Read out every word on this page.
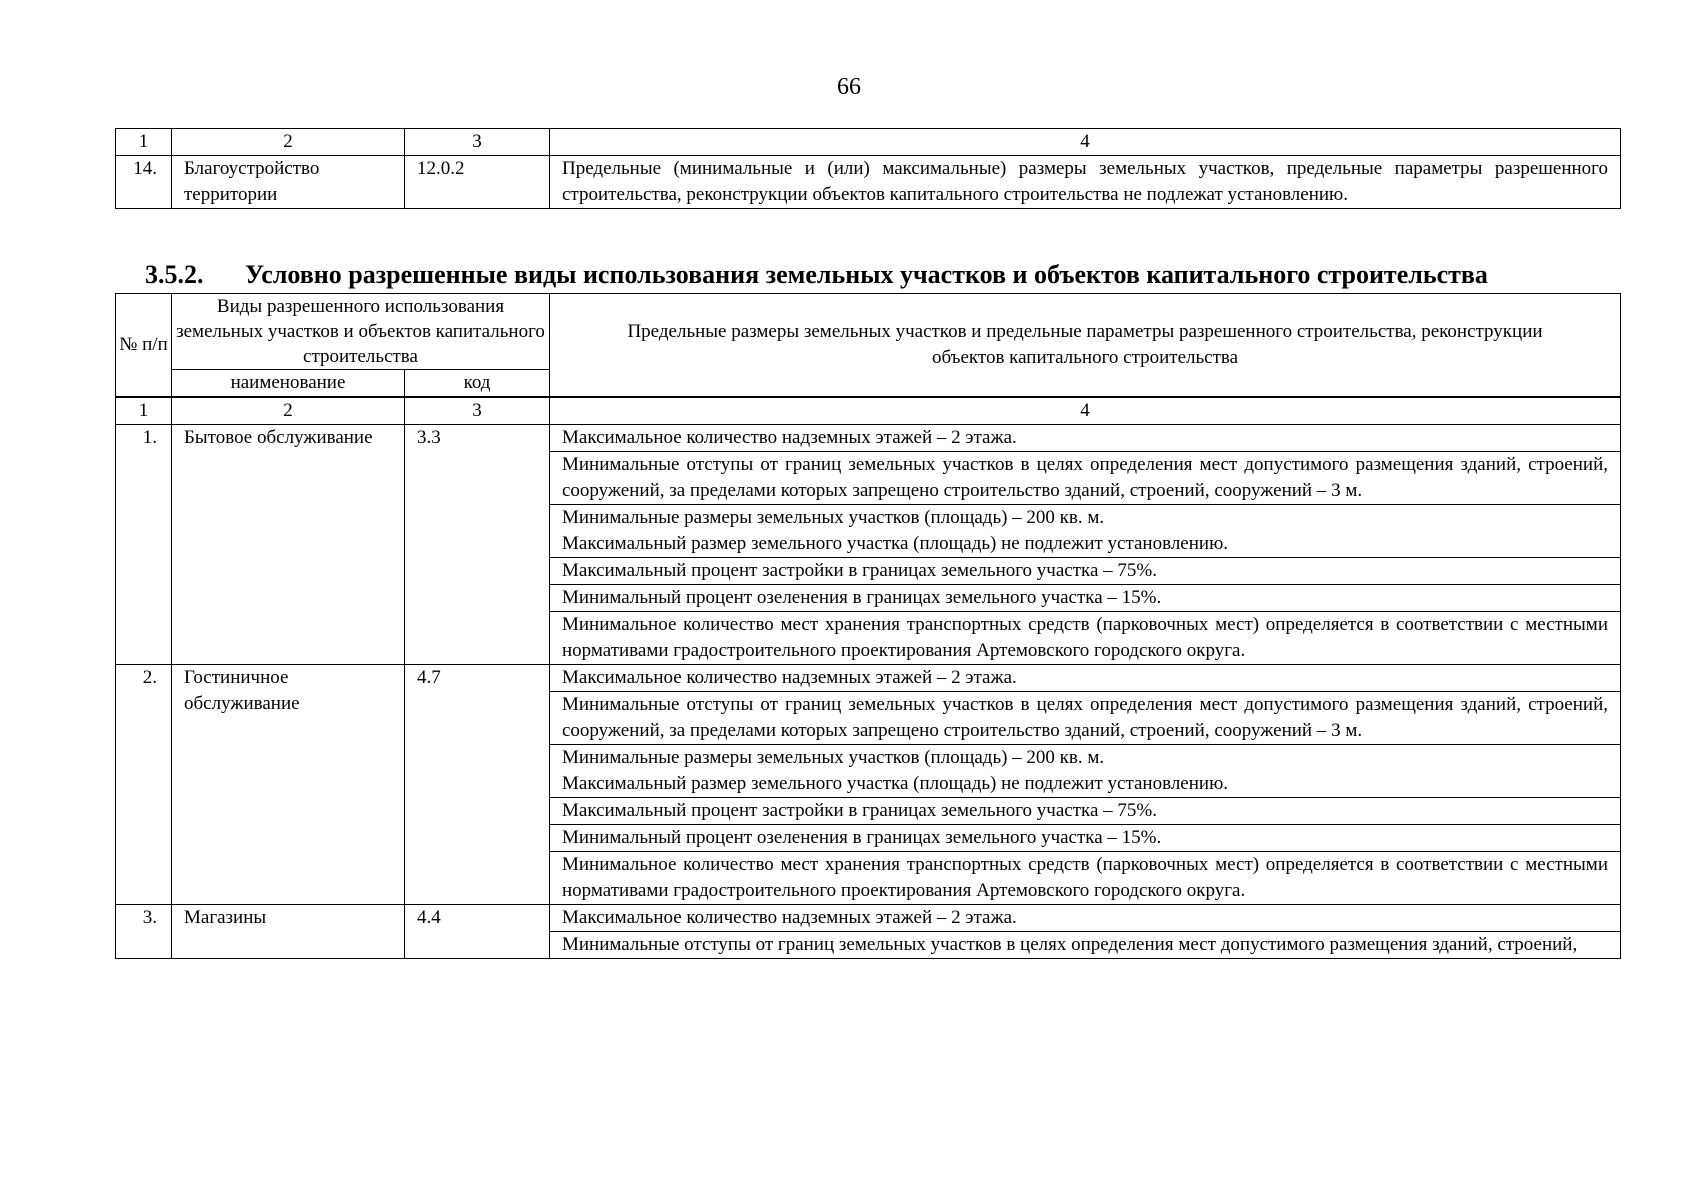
66
1	2	3	4
14.	Благоустройство территории	12.0.2	Предельные (минимальные и (или) максимальные) размеры земельных участков, предельные параметры разрешенного строительства, реконструкции объектов капитального строительства не подлежат установлению.
3.5.2. Условно разрешенные виды использования земельных участков и объектов капитального строительства
№ п/п	Виды разрешенного использования земельных участков и объектов капитального строительства		Предельные размеры земельных участков и предельные параметры разрешенного строительства, реконструкции объектов капитального строительства
	наименование	код	
1	2	3	4
1.	Бытовое обслуживание	3.3	Максимальное количество надземных этажей – 2 этажа.
			Минимальные отступы от границ земельных участков в целях определения мест допустимого размещения зданий, строений, сооружений, за пределами которых запрещено строительство зданий, строений, сооружений – 3 м.

			Минимальные размеры земельных участков (площадь) – 200 кв. м.
Максимальный размер земельного участка (площадь) не подлежит установлению.

			Максимальный процент застройки в границах земельного участка – 75%.
			Минимальный процент озеленения в границах земельного участка – 15%.
			Минимальное количество мест хранения транспортных средств (парковочных мест) определяется в соответствии с местными нормативами градостроительного проектирования Артемовского городского округа.
2.	Гостиничное обслуживание	4.7	Максимальное количество надземных этажей – 2 этажа.
			Минимальные отступы от границ земельных участков в целях определения мест допустимого размещения зданий, строений, сооружений, за пределами которых запрещено строительство зданий, строений, сооружений – 3 м.

			Минимальные размеры земельных участков (площадь) – 200 кв. м.
Максимальный размер земельного участка (площадь) не подлежит установлению.

			Максимальный процент застройки в границах земельного участка – 75%.
			Минимальный процент озеленения в границах земельного участка – 15%.
			Минимальное количество мест хранения транспортных средств (парковочных мест) определяется в соответствии с местными нормативами градостроительного проектирования Артемовского городского округа.
3.	Магазины	4.4	Максимальное количество надземных этажей – 2 этажа.
			Минимальные отступы от границ земельных участков в целях определения мест допустимого размещения зданий, строений,
